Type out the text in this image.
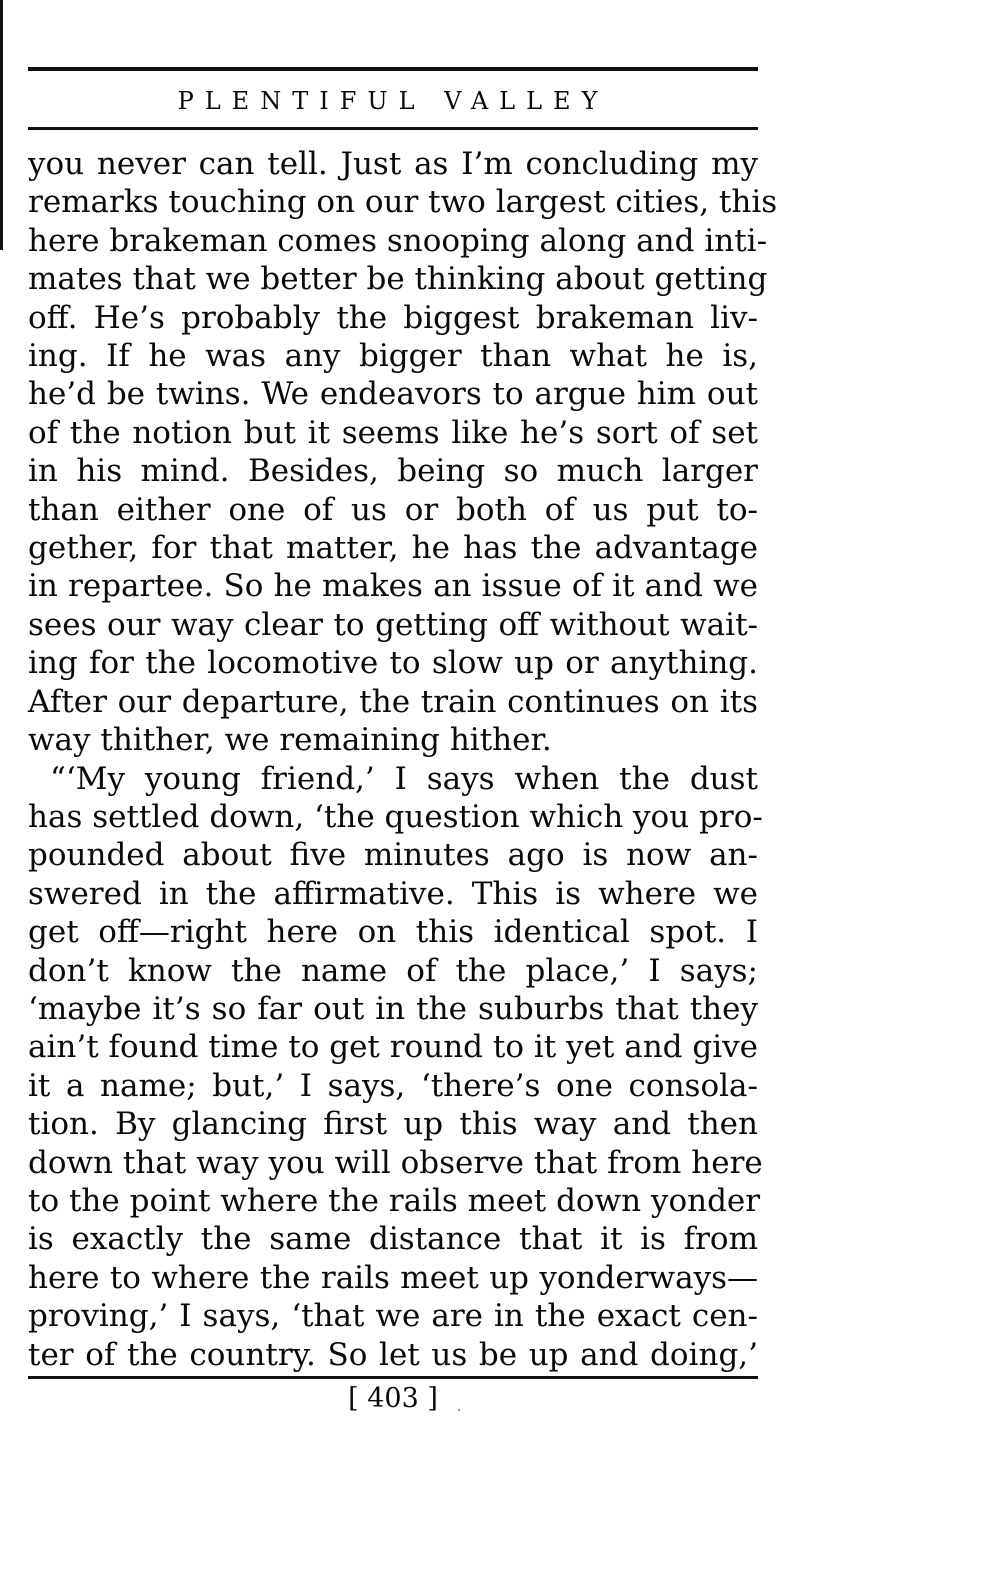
PLENTIFUL VALLEY
you never can tell. Just as I’m concluding my
remarks touching on our two largest cities, this
here brakeman comes snooping along and inti-
mates that we better be thinking about getting
off. He’s probably the biggest brakeman liv-
ing. If he was any bigger than what he is,
he’d be twins. We endeavors to argue him out
of the notion but it seems like he’s sort of set
in his mind. Besides, being so much larger
than either one of us or both of us put to-
gether, for that matter, he has the advantage
in repartee. So he makes an issue of it and we
sees our way clear to getting off without wait-
ing for the locomotive to slow up or anything.
After our departure, the train continues on its
way thither, we remaining hither.
“‘My young friend,’ I says when the dust
has settled down, ‘the question which you pro-
pounded about five minutes ago is now an-
swered in the affirmative. This is where we
get off—right here on this identical spot. I
don’t know the name of the place,’ I says;
‘maybe it’s so far out in the suburbs that they
ain’t found time to get round to it yet and give
it a name; but,’ I says, ‘there’s one consola-
tion. By glancing first up this way and then
down that way you will observe that from here
to the point where the rails meet down yonder
is exactly the same distance that it is from
here to where the rails meet up yonderways—
proving,’ I says, ‘that we are in the exact cen-
ter of the country. So let us be up and doing,’
[ 403 ]
